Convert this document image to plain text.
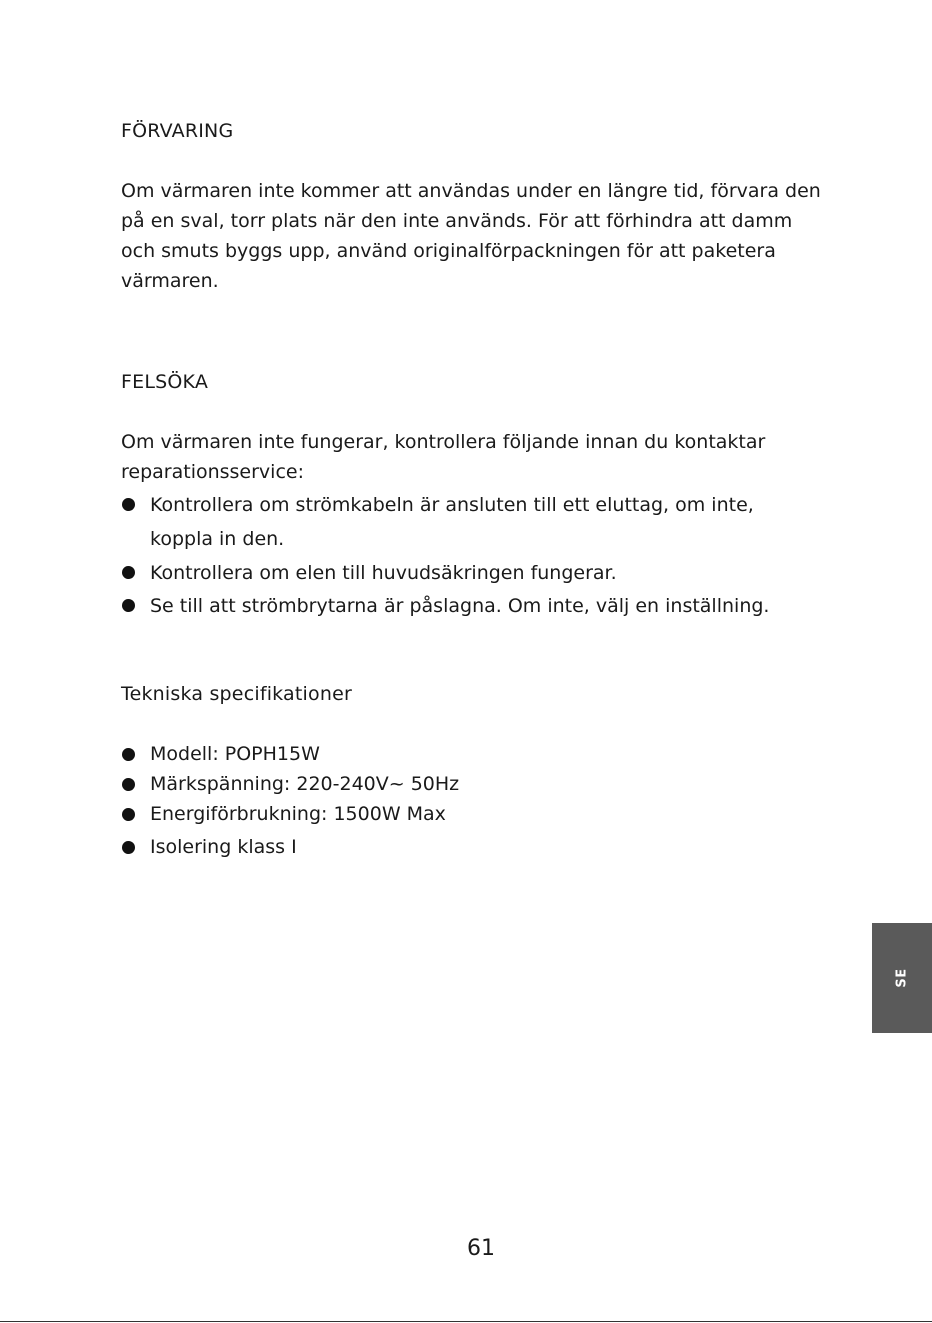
FÖRVARING
Om värmaren inte kommer att användas under en längre tid, förvara den
på en sval, torr plats när den inte används. För att förhindra att damm
och smuts byggs upp, använd originalförpackningen för att paketera
värmaren.
FELSÖKA
Om värmaren inte fungerar, kontrollera följande innan du kontaktar
reparationsservice:
Kontrollera om strömkabeln är ansluten till ett eluttag, om inte,
koppla in den.
Kontrollera om elen till huvudsäkringen fungerar.
Se till att strömbrytarna är påslagna. Om inte, välj en inställning.
Tekniska specifikationer
Modell: POPH15W
Märkspänning: 220-240V~ 50Hz
Energiförbrukning: 1500W Max
Isolering klass I
SE
61
